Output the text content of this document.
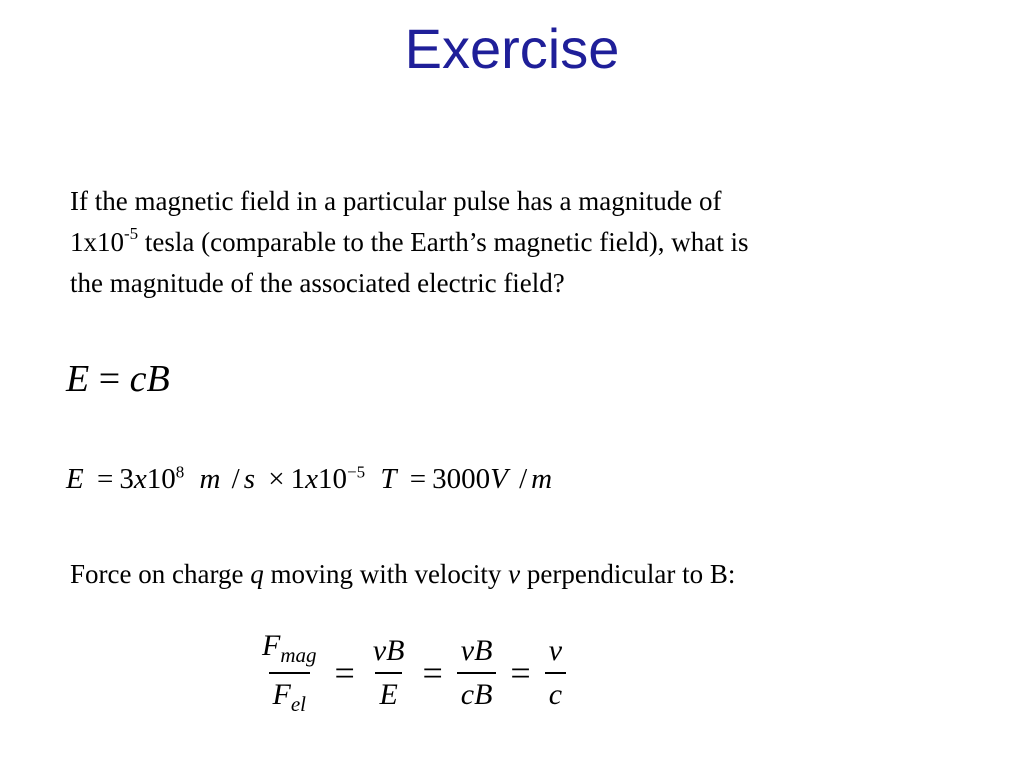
Exercise
If the magnetic field in a particular pulse has a magnitude of
$1x10^{-5}$ tesla (comparable to the Earth’s magnetic field), what is
the magnitude of the associated electric field?
E = cB
$E = 3x10^8$ $m / s \times 1x10^{-5}$ T = 3000V / m
Force on charge q moving with velocity v perpendicular to B:
$\frac{F_{mag}}{F_{el}} = \frac{vB}{E} = \frac{vB}{cB} = \frac{v}{c}$
